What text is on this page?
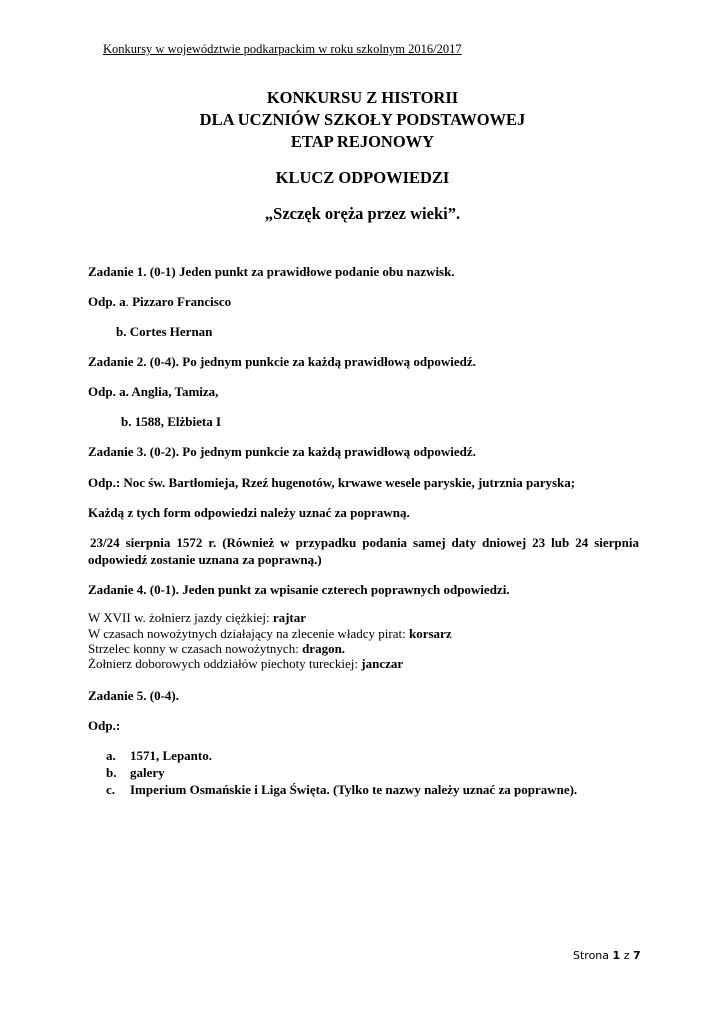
Konkursy w województwie podkarpackim w roku szkolnym 2016/2017
KONKURSU Z HISTORII
DLA UCZNIÓW SZKOŁY PODSTAWOWEJ
ETAP REJONOWY
KLUCZ ODPOWIEDZI
„Szczęk oręża przez wieki”.
Zadanie 1. (0-1) Jeden punkt za prawidłowe podanie obu nazwisk.
Odp. a. Pizzaro Francisco
b. Cortes Hernan
Zadanie 2. (0-4). Po jednym punkcie za każdą prawidłową odpowiedź.
Odp. a. Anglia, Tamiza,
b. 1588, Elżbieta I
Zadanie 3. (0-2). Po jednym punkcie za każdą prawidłową odpowiedź.
Odp.: Noc św. Bartłomieja, Rzeź hugenotów, krwawe wesele paryskie, jutrznia paryska;
Każdą z tych form odpowiedzi należy uznać za poprawną.
23/24 sierpnia 1572 r. (Również w przypadku podania samej daty dniowej 23 lub 24 sierpnia odpowiedź zostanie uznana za poprawną.)
Zadanie 4. (0-1). Jeden punkt za wpisanie czterech poprawnych odpowiedzi.
W XVII w. żołnierz jazdy ciężkiej: rajtar
W czasach nowożytnych działający na zlecenie władcy pirat: korsarz
Strzelec konny w czasach nowożytnych: dragon.
Żołnierz doborowych oddziałów piechoty tureckiej: janczar
Zadanie 5. (0-4).
Odp.:
a. 1571, Lepanto.
b. galery
c. Imperium Osmańskie i Liga Święta. (Tylko te nazwy należy uznać za poprawne).
Strona 1 z 7
